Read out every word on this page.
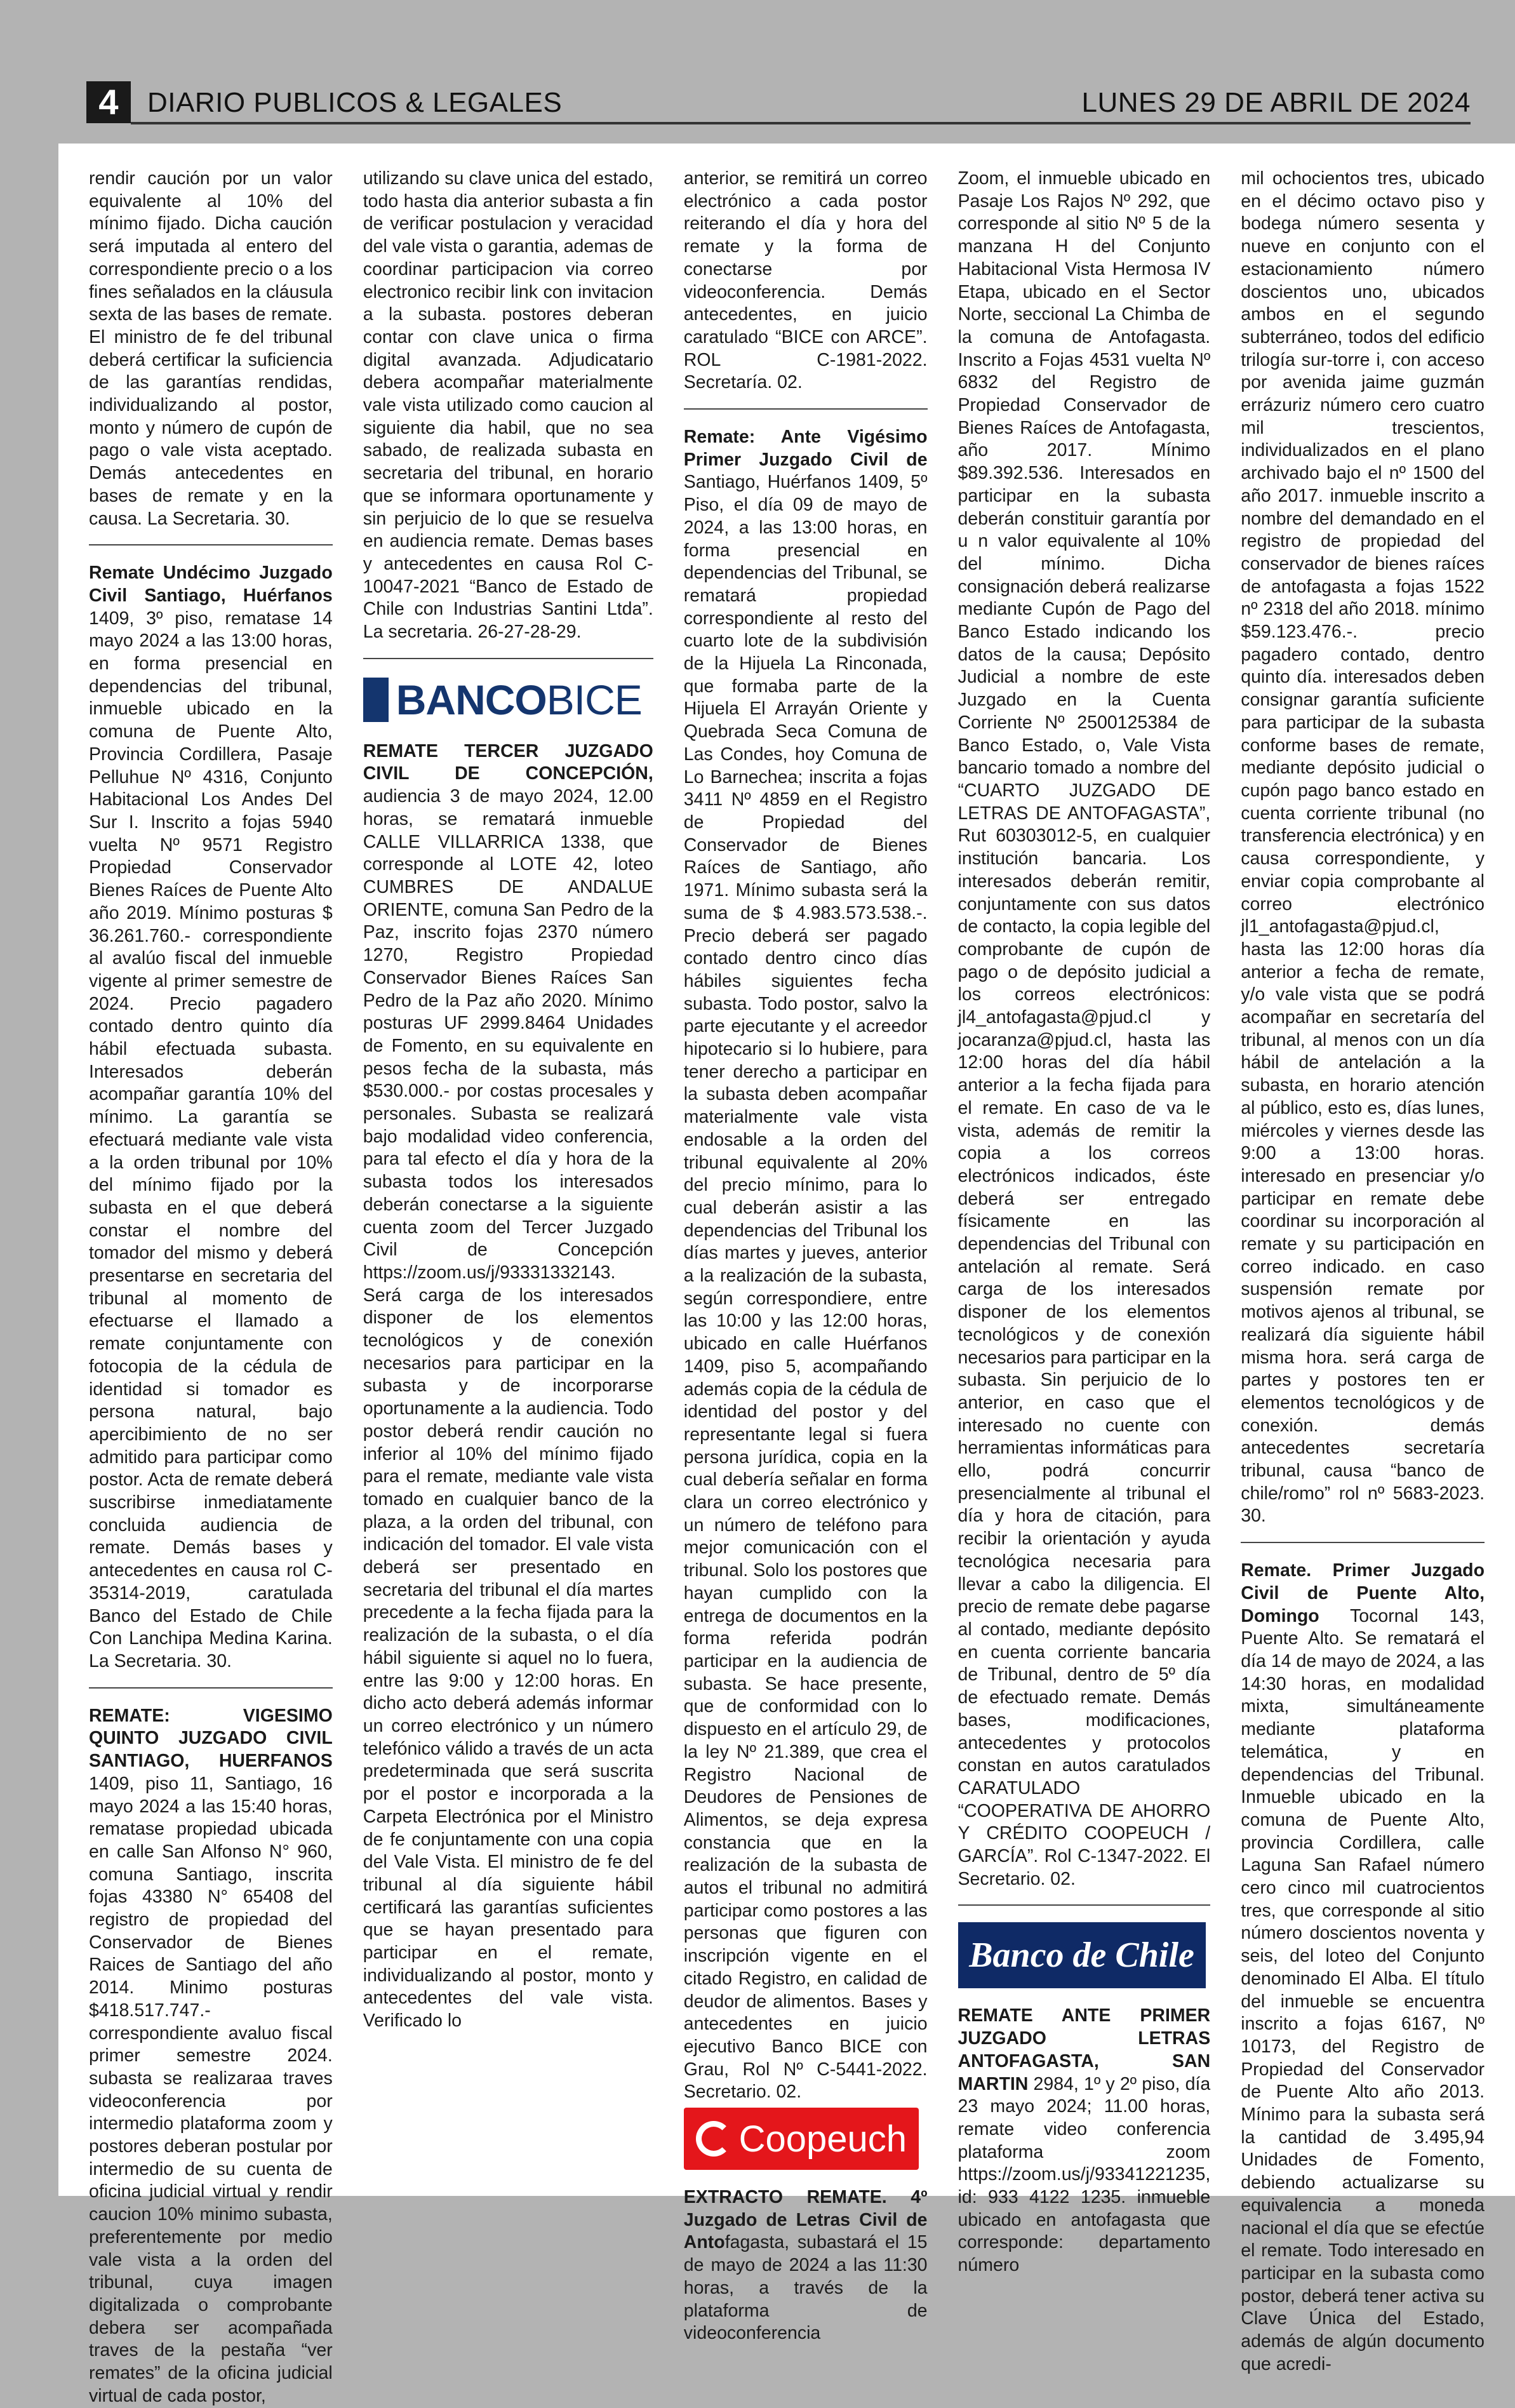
4	DIARIO PUBLICOS & LEGALES	LUNES 29 DE ABRIL DE 2024

rendir caución por un valor equivalente al 10% del mínimo fijado. Dicha caución será imputada al entero del correspondiente precio o a los fines señalados en la cláusula sexta de las bases de remate. El ministro de fe del tribunal deberá certificar la suficiencia de las garantías rendidas, individualizando al postor, monto y número de cupón de pago o vale vista aceptado. Demás antecedentes en bases de remate y en la causa. La Secretaria. 30.

Remate Undécimo Juzgado Civil Santiago, Huérfanos 1409, 3º piso, rematase 14 mayo 2024 a las 13:00 horas, en forma presencial en dependencias del tribunal, inmueble ubicado en la comuna de Puente Alto, Provincia Cordillera, Pasaje Pelluhue Nº 4316, Conjunto Habitacional Los Andes Del Sur I. Inscrito a fojas 5940 vuelta Nº 9571 Registro Propiedad Conservador Bienes Raíces de Puente Alto año 2019. Mínimo posturas $ 36.261.760.- correspondiente al avalúo fiscal del inmueble vigente al primer semestre de 2024. Precio pagadero contado dentro quinto día hábil efectuada subasta. Interesados deberán acompañar garantía 10% del mínimo. La garantía se efectuará mediante vale vista a la orden tribunal por 10% del mínimo fijado por la subasta en el que deberá constar el nombre del tomador del mismo y deberá presentarse en secretaria del tribunal al momento de efectuarse el llamado a remate conjuntamente con fotocopia de la cédula de identidad si tomador es persona natural, bajo apercibimiento de no ser admitido para participar como postor. Acta de remate deberá suscribirse inmediatamente concluida audiencia de remate. Demás bases y antecedentes en causa rol C-35314-2019, caratulada Banco del Estado de Chile Con Lanchipa Medina Karina. La Secretaria. 30.

REMATE: VIGESIMO QUINTO JUZGADO CIVIL SANTIAGO, HUERFANOS 1409, piso 11, Santiago, 16 mayo 2024 a las 15:40 horas, rematase propiedad ubicada en calle San Alfonso N° 960, comuna Santiago, inscrita fojas 43380 N° 65408 del registro de propiedad del Conservador de Bienes Raices de Santiago del año 2014. Minimo posturas $418.517.747.- correspondiente avaluo fiscal primer semestre 2024. subasta se realizaraa traves videoconferencia por intermedio plataforma zoom y postores deberan postular por intermedio de su cuenta de oficina judicial virtual y rendir caucion 10% minimo subasta, preferentemente por medio vale vista a la orden del tribunal, cuya imagen digitalizada o comprobante debera ser acompañada traves de la pestaña “ver remates” de la oficina judicial virtual de cada postor,

utilizando su clave unica del estado, todo hasta dia anterior subasta a fin de verificar postulacion y veracidad del vale vista o garantia, ademas de coordinar participacion via correo electronico recibir link con invitacion a la subasta. postores deberan contar con clave unica o firma digital avanzada. Adjudicatario debera acompañar materialmente vale vista utilizado como caucion al siguiente dia habil, que no sea sabado, de realizada subasta en secretaria del tribunal, en horario que se informara oportunamente y sin perjuicio de lo que se resuelva en audiencia remate. Demas bases y antecedentes en causa Rol C-10047-2021 “Banco de Estado de Chile con Industrias Santini Ltda”. La secretaria. 26-27-28-29.

BANCOBICE

REMATE TERCER JUZGADO CIVIL DE CONCEPCIÓN, audiencia 3 de mayo 2024, 12.00 horas, se rematará inmueble CALLE VILLARRICA 1338, que corresponde al LOTE 42, loteo CUMBRES DE ANDALUE ORIENTE, comuna San Pedro de la Paz, inscrito fojas 2370 número 1270, Registro Propiedad Conservador Bienes Raíces San Pedro de la Paz año 2020. Mínimo posturas UF 2999.8464 Unidades de Fomento, en su equivalente en pesos fecha de la subasta, más $530.000.- por costas procesales y personales. Subasta se realizará bajo modalidad video conferencia, para tal efecto el día y hora de la subasta todos los interesados deberán conectarse a la siguiente cuenta zoom del Tercer Juzgado Civil de Concepción https://zoom.us/j/93331332143. Será carga de los interesados disponer de los elementos tecnológicos y de conexión necesarios para participar en la subasta y de incorporarse oportunamente a la audiencia. Todo postor deberá rendir caución no inferior al 10% del mínimo fijado para el remate, mediante vale vista tomado en cualquier banco de la plaza, a la orden del tribunal, con indicación del tomador. El vale vista deberá ser presentado en secretaria del tribunal el día martes precedente a la fecha fijada para la realización de la subasta, o el día hábil siguiente si aquel no lo fuera, entre las 9:00 y 12:00 horas. En dicho acto deberá además informar un correo electrónico y un número telefónico válido a través de un acta predeterminada que será suscrita por el postor e incorporada a la Carpeta Electrónica por el Ministro de fe conjuntamente con una copia del Vale Vista. El ministro de fe del tribunal al día siguiente hábil certificará las garantías suficientes que se hayan presentado para participar en el remate, individualizando al postor, monto y antecedentes del vale vista. Verificado lo

anterior, se remitirá un correo electrónico a cada postor reiterando el día y hora del remate y la forma de conectarse por videoconferencia. Demás antecedentes, en juicio caratulado “BICE con ARCE”. ROL C-1981-2022. Secretaría. 02.

Remate: Ante Vigésimo Primer Juzgado Civil de Santiago, Huérfanos 1409, 5º Piso, el día 09 de mayo de 2024, a las 13:00 horas, en forma presencial en dependencias del Tribunal, se rematará propiedad correspondiente al resto del cuarto lote de la subdivisión de la Hijuela La Rinconada, que formaba parte de la Hijuela El Arrayán Oriente y Quebrada Seca Comuna de Las Condes, hoy Comuna de Lo Barnechea; inscrita a fojas 3411 Nº 4859 en el Registro de Propiedad del Conservador de Bienes Raíces de Santiago, año 1971. Mínimo subasta será la suma de $ 4.983.573.538.-. Precio deberá ser pagado contado dentro cinco días hábiles siguientes fecha subasta. Todo postor, salvo la parte ejecutante y el acreedor hipotecario si lo hubiere, para tener derecho a participar en la subasta deben acompañar materialmente vale vista endosable a la orden del tribunal equivalente al 20% del precio mínimo, para lo cual deberán asistir a las dependencias del Tribunal los días martes y jueves, anterior a la realización de la subasta, según correspondiere, entre las 10:00 y las 12:00 horas, ubicado en calle Huérfanos 1409, piso 5, acompañando además copia de la cédula de identidad del postor y del representante legal si fuera persona jurídica, copia en la cual debería señalar en forma clara un correo electrónico y un número de teléfono para mejor comunicación con el tribunal. Solo los postores que hayan cumplido con la entrega de documentos en la forma referida podrán participar en la audiencia de subasta. Se hace presente, que de conformidad con lo dispuesto en el artículo 29, de la ley Nº 21.389, que crea el Registro Nacional de Deudores de Pensiones de Alimentos, se deja expresa constancia que en la realización de la subasta de autos el tribunal no admitirá participar como postores a las personas que figuren con inscripción vigente en el citado Registro, en calidad de deudor de alimentos. Bases y antecedentes en juicio ejecutivo Banco BICE con Grau, Rol Nº C-5441-2022. Secretario. 02.

Coopeuch

EXTRACTO REMATE. 4º Juzgado de Letras Civil de Antofagasta, subastará el 15 de mayo de 2024 a las 11:30 horas, a través de la plataforma de videoconferencia

Zoom, el inmueble ubicado en Pasaje Los Rajos Nº 292, que corresponde al sitio Nº 5 de la manzana H del Conjunto Habitacional Vista Hermosa IV Etapa, ubicado en el Sector Norte, seccional La Chimba de la comuna de Antofagasta. Inscrito a Fojas 4531 vuelta Nº 6832 del Registro de Propiedad Conservador de Bienes Raíces de Antofagasta, año 2017. Mínimo $89.392.536. Interesados en participar en la subasta deberán constituir garantía por u n valor equivalente al 10% del mínimo. Dicha consignación deberá realizarse mediante Cupón de Pago del Banco Estado indicando los datos de la causa; Depósito Judicial a nombre de este Juzgado en la Cuenta Corriente Nº 2500125384 de Banco Estado, o, Vale Vista bancario tomado a nombre del “CUARTO JUZGADO DE LETRAS DE ANTOFAGASTA”, Rut 60303012-5, en cualquier institución bancaria. Los interesados deberán remitir, conjuntamente con sus datos de contacto, la copia legible del comprobante de cupón de pago o de depósito judicial a los correos electrónicos: jl4_antofagasta@pjud.cl y jocaranza@pjud.cl, hasta las 12:00 horas del día hábil anterior a la fecha fijada para el remate. En caso de va le vista, además de remitir la copia a los correos electrónicos indicados, éste deberá ser entregado físicamente en las dependencias del Tribunal con antelación al remate. Será carga de los interesados disponer de los elementos tecnológicos y de conexión necesarios para participar en la subasta. Sin perjuicio de lo anterior, en caso que el interesado no cuente con herramientas informáticas para ello, podrá concurrir presencialmente al tribunal el día y hora de citación, para recibir la orientación y ayuda tecnológica necesaria para llevar a cabo la diligencia. El precio de remate debe pagarse al contado, mediante depósito en cuenta corriente bancaria de Tribunal, dentro de 5º día de efectuado remate. Demás bases, modificaciones, antecedentes y protocolos constan en autos caratulados CARATULADO “COOPERATIVA DE AHORRO Y CRÉDITO COOPEUCH / GARCÍA”. Rol C-1347-2022. El Secretario. 02.

Banco de Chile

REMATE ANTE PRIMER JUZGADO LETRAS ANTOFAGASTA, SAN MARTIN 2984, 1º y 2º piso, día 23 mayo 2024; 11.00 horas, remate video conferencia plataforma zoom https://zoom.us/j/93341221235, id: 933 4122 1235. inmueble ubicado en antofagasta que corresponde: departamento número

mil ochocientos tres, ubicado en el décimo octavo piso y bodega número sesenta y nueve en conjunto con el estacionamiento número doscientos uno, ubicados ambos en el segundo subterráneo, todos del edificio trilogía sur-torre i, con acceso por avenida jaime guzmán errázuriz número cero cuatro mil trescientos, individualizados en el plano archivado bajo el nº 1500 del año 2017. inmueble inscrito a nombre del demandado en el registro de propiedad del conservador de bienes raíces de antofagasta a fojas 1522 nº 2318 del año 2018. mínimo $59.123.476.-. precio pagadero contado, dentro quinto día. interesados deben consignar garantía suficiente para participar de la subasta conforme bases de remate, mediante depósito judicial o cupón pago banco estado en cuenta corriente tribunal (no transferencia electrónica) y en causa correspondiente, y enviar copia comprobante al correo electrónico jl1_antofagasta@pjud.cl, hasta las 12:00 horas día anterior a fecha de remate, y/o vale vista que se podrá acompañar en secretaría del tribunal, al menos con un día hábil de antelación a la subasta, en horario atención al público, esto es, días lunes, miércoles y viernes desde las 9:00 a 13:00 horas. interesado en presenciar y/o participar en remate debe coordinar su incorporación al remate y su participación en correo indicado. en caso suspensión remate por motivos ajenos al tribunal, se realizará día siguiente hábil misma hora. será carga de partes y postores ten er elementos tecnológicos y de conexión. demás antecedentes secretaría tribunal, causa “banco de chile/romo” rol nº 5683-2023. 30.

Remate. Primer Juzgado Civil de Puente Alto, Domingo Tocornal 143, Puente Alto. Se rematará el día 14 de mayo de 2024, a las 14:30 horas, en modalidad mixta, simultáneamente mediante plataforma telemática, y en dependencias del Tribunal. Inmueble ubicado en la comuna de Puente Alto, provincia Cordillera, calle Laguna San Rafael número cero cinco mil cuatrocientos tres, que corresponde al sitio número doscientos noventa y seis, del loteo del Conjunto denominado El Alba. El título del inmueble se encuentra inscrito a fojas 6167, Nº 10173, del Registro de Propiedad del Conservador de Puente Alto año 2013. Mínimo para la subasta será la cantidad de 3.495,94 Unidades de Fomento, debiendo actualizarse su equivalencia a moneda nacional el día que se efectúe el remate. Todo interesado en participar en la subasta como postor, deberá tener activa su Clave Única del Estado, además de algún documento que acredi-
